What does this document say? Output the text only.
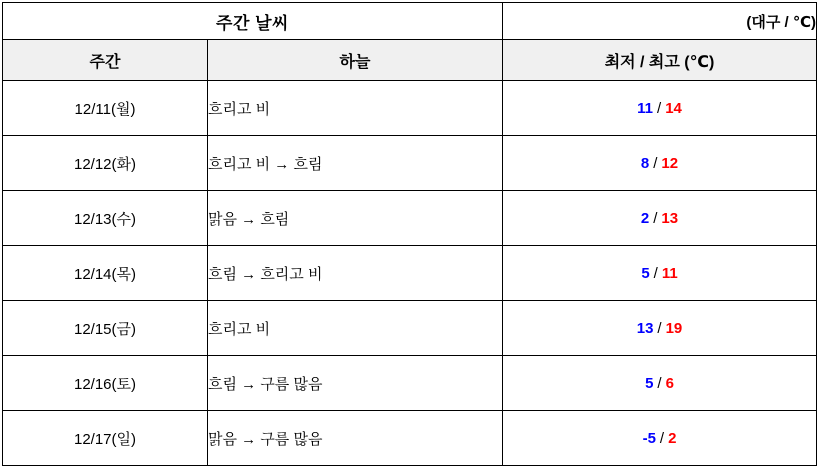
주간 날씨		(대구 / ℃)
주간	하늘	최저 / 최고 (℃)
12/11(월)	흐리고 비	11 / 14
12/12(화)	흐리고 비 → 흐림	8 / 12
12/13(수)	맑음 → 흐림	2 / 13
12/14(목)	흐림 → 흐리고 비	5 / 11
12/15(금)	흐리고 비	13 / 19
12/16(토)	흐림 → 구름 많음	5 / 6
12/17(일)	맑음 → 구름 많음	-5 / 2
